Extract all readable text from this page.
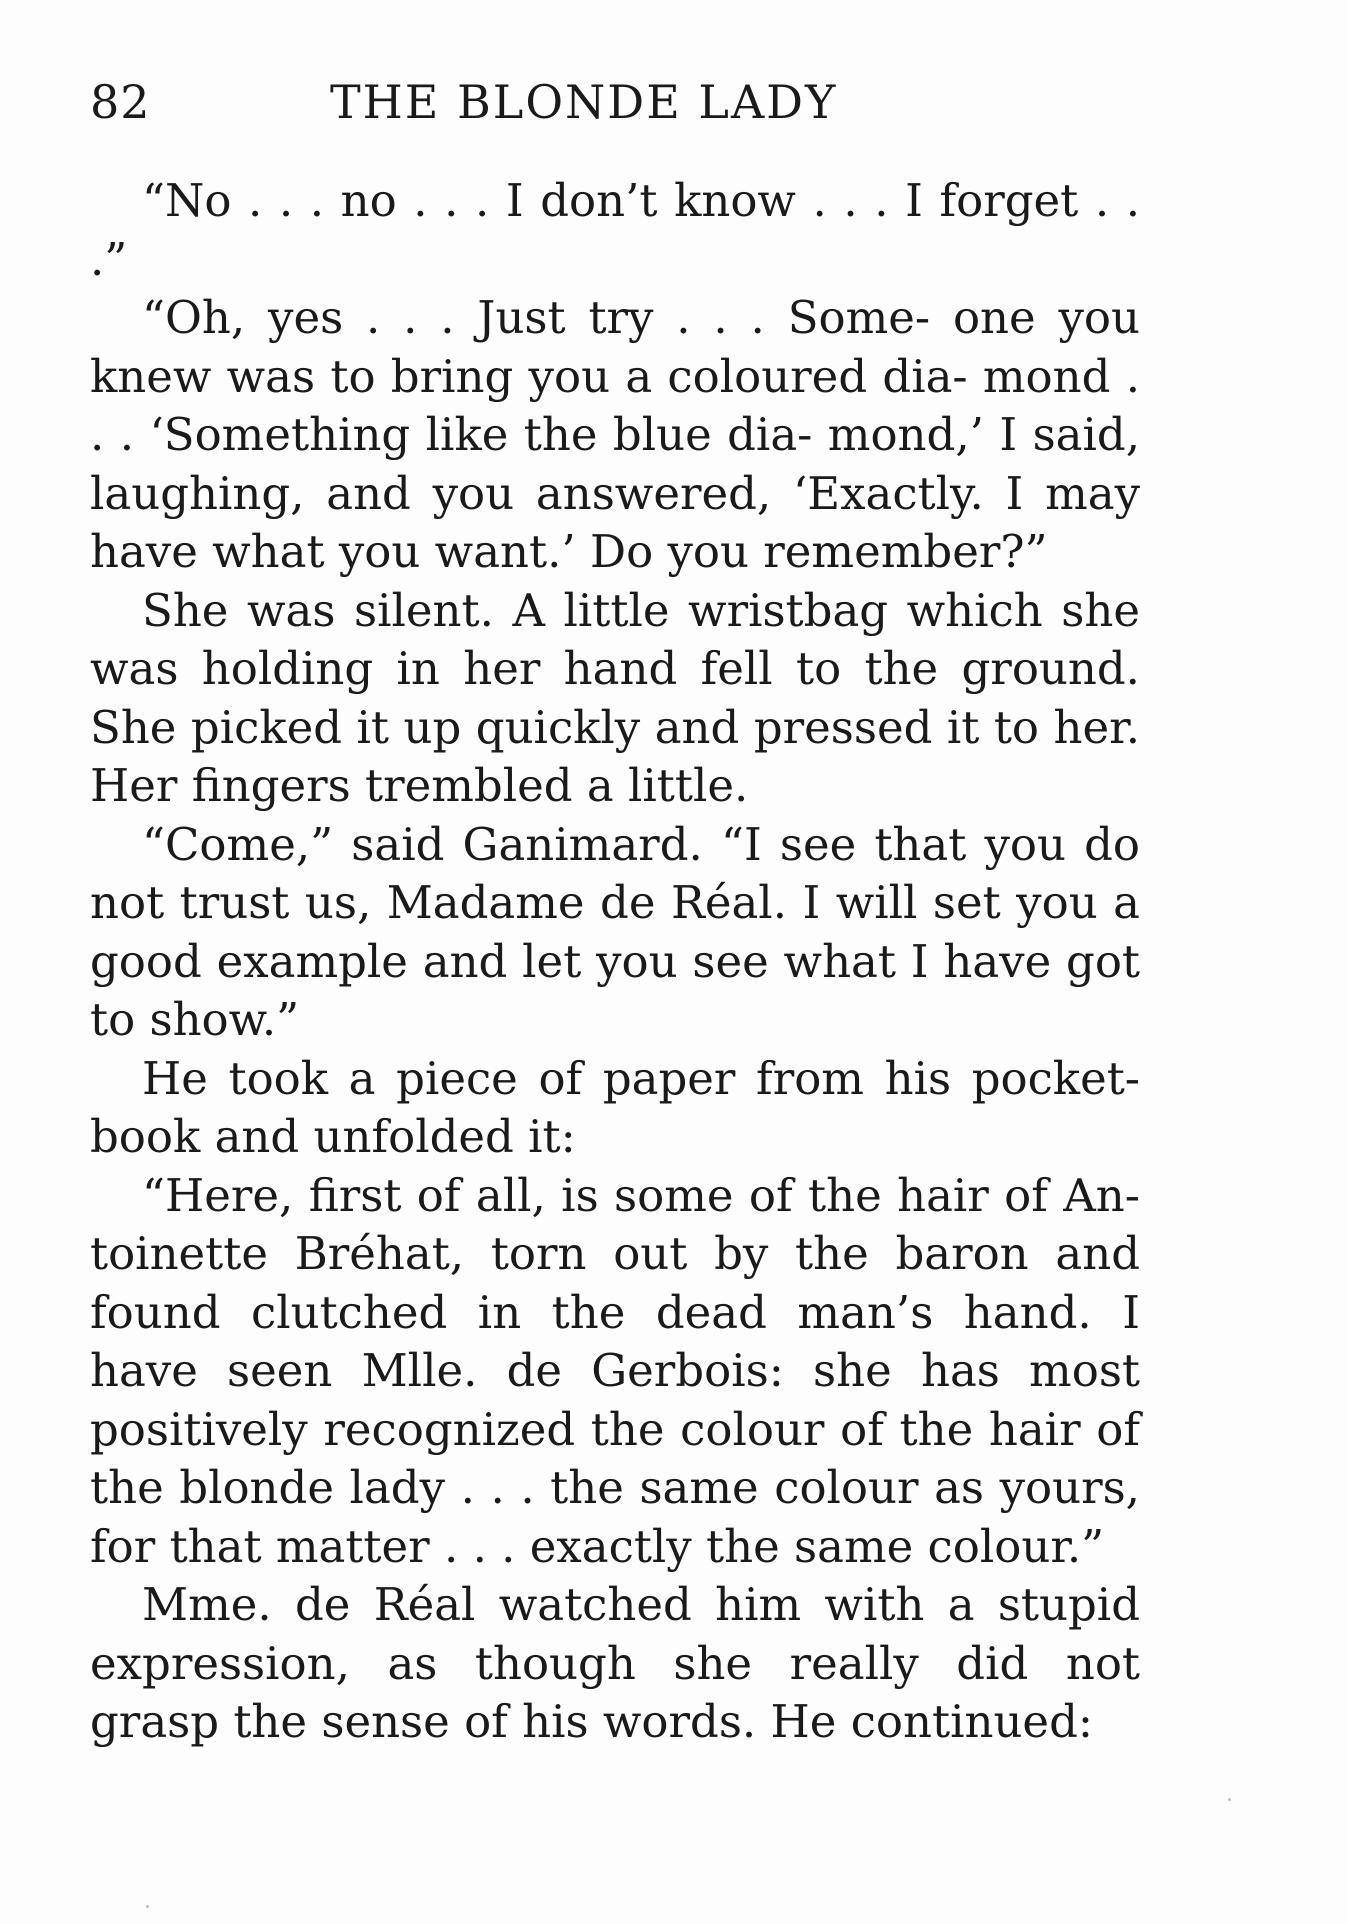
82	THE BLONDE LADY

“No . . . no . . . I don’t know . . . I forget . . .”

“Oh, yes . . . Just try . . . Some- one you knew was to bring you a coloured dia- mond . . . ‘Something like the blue dia- mond,’ I said, laughing, and you answered, ‘Exactly. I may have what you want.’ Do you remember?”

She was silent. A little wristbag which she was holding in her hand fell to the ground. She picked it up quickly and pressed it to her. Her fingers trembled a little.

“Come,” said Ganimard. “I see that you do not trust us, Madame de Réal. I will set you a good example and let you see what I have got to show.”

He took a piece of paper from his pocket- book and unfolded it:

“Here, first of all, is some of the hair of An- toinette Bréhat, torn out by the baron and found clutched in the dead man’s hand. I have seen Mlle. de Gerbois: she has most positively recognized the colour of the hair of the blonde lady . . . the same colour as yours, for that matter . . . exactly the same colour.”

Mme. de Réal watched him with a stupid expression, as though she really did not grasp the sense of his words. He continued:
